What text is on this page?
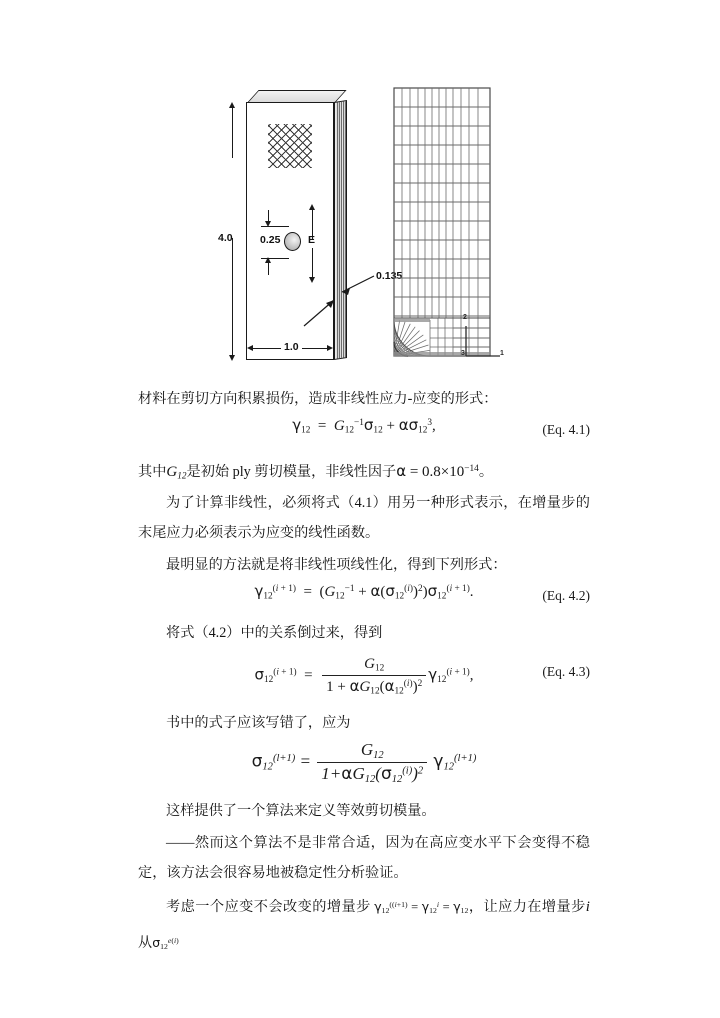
4.0	0.25	E
0.135
1.0
2
1
3

材料在剪切方向积累损伤，造成非线性应力-应变的形式：

$\gamma_{12} = G_{12}^{-1}\sigma_{12} + \alpha\sigma_{12}^3$,	(Eq. 4.1)

其中$G_{12}$是初始 ply 剪切模量，非线性因子$\alpha = 0.8\times 10^{-14}$。

为了计算非线性，必须将式（4.1）用另一种形式表示，在增量步的末尾应力必须表示为应变的线性函数。

最明显的方法就是将非线性项线性化，得到下列形式：

$\gamma_{12}^{(i + 1)} = (G_{12}^{-1} + \alpha(\sigma_{12}^{(i)})^2)\sigma_{12}^{(i + 1)}$.	(Eq. 4.2)

将式（4.2）中的关系倒过来，得到

$\sigma_{12}^{(i + 1)} = \frac{G_{12}}{1 + \alpha G_{12}(\alpha_{12}^{(i)})^2} \gamma_{12}^{(i + 1)}$,	(Eq. 4.3)

书中的式子应该写错了，应为

$\sigma_{12}^{(l+1)} = \frac{G_{12}}{1+\alpha G_{12}(\sigma_{12}^{(i)})^2} \gamma_{12}^{(l+1)}$

这样提供了一个算法来定义等效剪切模量。

——然而这个算法不是非常合适，因为在高应变水平下会变得不稳定，该方法会很容易地被稳定性分析验证。

考虑一个应变不会改变的增量步 $\gamma_{12}^{((i+1)} = \gamma_{12}^i = \gamma_{12}$，让应力在增量步i从$\sigma_{12}^{e(i)}$
